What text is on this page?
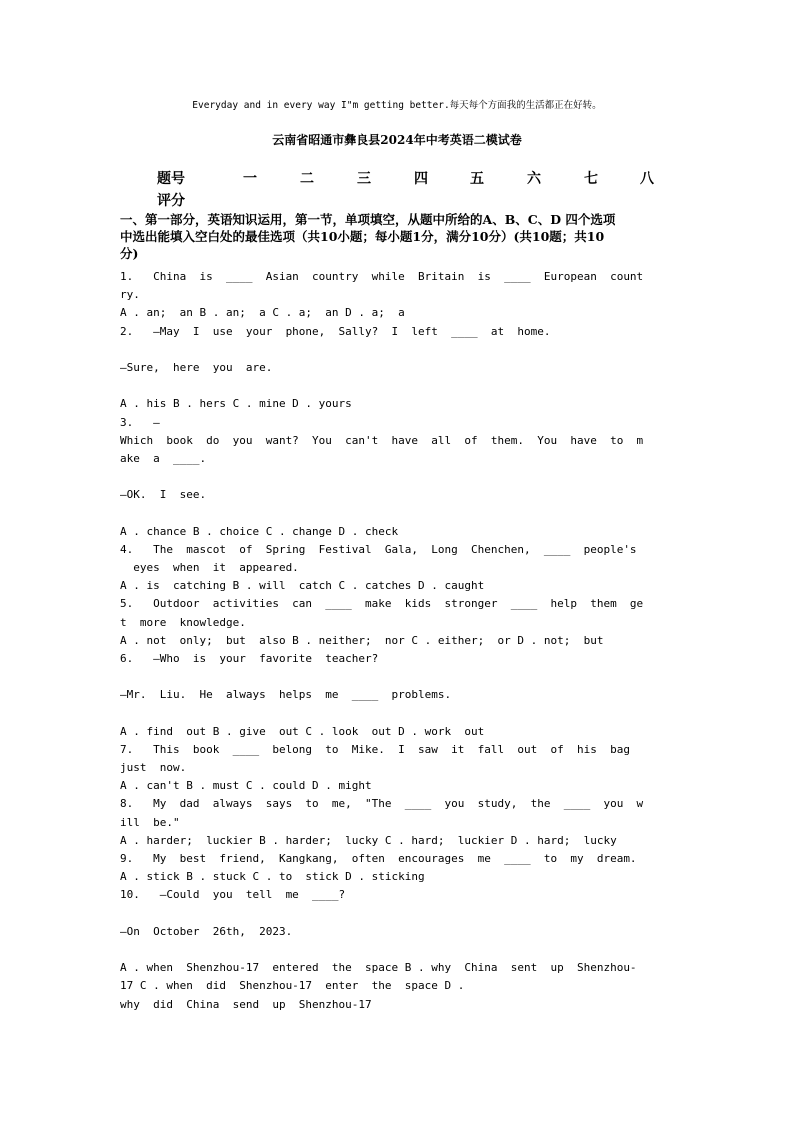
Everyday and in every way I"m getting better.每天每个方面我的生活都正在好转。
云南省昭通市彝良县2024年中考英语二模试卷
题号	一	二	三	四	五	六	七	八
评分
一、第一部分，英语知识运用，第一节，单项填空，从题中所给的A、B、C、D 四个选项
中选出能填入空白处的最佳选项（共10小题；每小题1分，满分10分）(共10题；共10
分)
1.   China  is  ____  Asian  country  while  Britain  is  ____  European  count
ry.
A . an;  an B . an;  a C . a;  an D . a;  a
2.   —May  I  use  your  phone,  Sally?  I  left  ____  at  home.
—Sure,  here  you  are.
A . his B . hers C . mine D . yours
3.   —
Which  book  do  you  want?  You  can't  have  all  of  them.  You  have  to  m
ake  a  ____.
—OK.  I  see.
A . chance B . choice C . change D . check
4.   The  mascot  of  Spring  Festival  Gala,  Long  Chenchen,  ____  people's
eyes  when  it  appeared.
A . is  catching B . will  catch C . catches D . caught
5.   Outdoor  activities  can  ____  make  kids  stronger  ____  help  them  ge
t  more  knowledge.
A . not  only;  but  also B . neither;  nor C . either;  or D . not;  but
6.   —Who  is  your  favorite  teacher?
—Mr.  Liu.  He  always  helps  me  ____  problems.
A . find  out B . give  out C . look  out D . work  out
7.   This  book  ____  belong  to  Mike.  I  saw  it  fall  out  of  his  bag
just  now.
A . can't B . must C . could D . might
8.   My  dad  always  says  to  me,  "The  ____  you  study,  the  ____  you  w
ill  be."
A . harder;  luckier B . harder;  lucky C . hard;  luckier D . hard;  lucky
9.   My  best  friend,  Kangkang,  often  encourages  me  ____  to  my  dream.
A . stick B . stuck C . to  stick D . sticking
10.   —Could  you  tell  me  ____?
—On  October  26th,  2023.
A . when  Shenzhou-17  entered  the  space B . why  China  sent  up  Shenzhou-
17 C . when  did  Shenzhou-17  enter  the  space D .
why  did  China  send  up  Shenzhou-17
